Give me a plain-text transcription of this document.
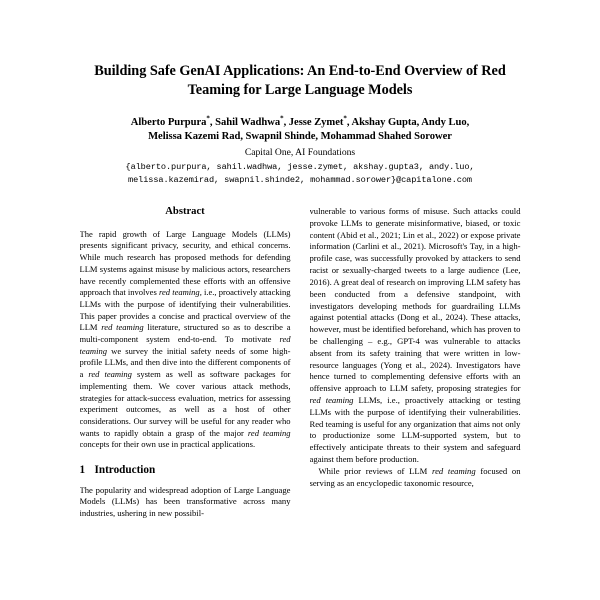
Building Safe GenAI Applications: An End-to-End Overview of Red
Teaming for Large Language Models
Alberto Purpura*, Sahil Wadhwa*, Jesse Zymet*, Akshay Gupta, Andy Luo,
Melissa Kazemi Rad, Swapnil Shinde, Mohammad Shahed Sorower
Capital One, AI Foundations
{alberto.purpura, sahil.wadhwa, jesse.zymet, akshay.gupta3, andy.luo,
melissa.kazemirad, swapnil.shinde2, mohammad.sorower}@capitalone.com
Abstract

The rapid growth of Large Language Models (LLMs) presents significant privacy, security, and ethical concerns. While much research has proposed methods for defending LLM systems against misuse by malicious actors, researchers have recently complemented these efforts with an offensive approach that involves red teaming, i.e., proactively attacking LLMs with the purpose of identifying their vulnerabilities. This paper provides a concise and practical overview of the LLM red teaming literature, structured so as to describe a multi-component system end-to-end. To motivate red teaming we survey the initial safety needs of some high-profile LLMs, and then dive into the different components of a red teaming system as well as software packages for implementing them. We cover various attack methods, strategies for attack-success evaluation, metrics for assessing experiment outcomes, as well as a host of other considerations. Our survey will be useful for any reader who wants to rapidly obtain a grasp of the major red teaming concepts for their own use in practical applications.

1 Introduction

The popularity and widespread adoption of Large Language Models (LLMs) has been transformative across many industries, ushering in new possibil-

vulnerable to various forms of misuse. Such attacks could provoke LLMs to generate misinformative, biased, or toxic content (Abid et al., 2021; Lin et al., 2022) or expose private information (Carlini et al., 2021). Microsoft's Tay, in a high-profile case, was successfully provoked by attackers to send racist or sexually-charged tweets to a large audience (Lee, 2016). A great deal of research on improving LLM safety has been conducted from a defensive standpoint, with investigators developing methods for guardrailing LLMs against potential attacks (Dong et al., 2024). These attacks, however, must be identified beforehand, which has proven to be challenging – e.g., GPT-4 was vulnerable to attacks absent from its safety training that were written in low-resource languages (Yong et al., 2024). Investigators have hence turned to complementing defensive efforts with an offensive approach to LLM safety, proposing strategies for red teaming LLMs, i.e., proactively attacking or testing LLMs with the purpose of identifying their vulnerabilities. Red teaming is useful for any organization that aims not only to productionize some LLM-supported system, but to effectively anticipate threats to their system and safeguard against them before production.

While prior reviews of LLM red teaming focused on serving as an encyclopedic taxonomic resource,
